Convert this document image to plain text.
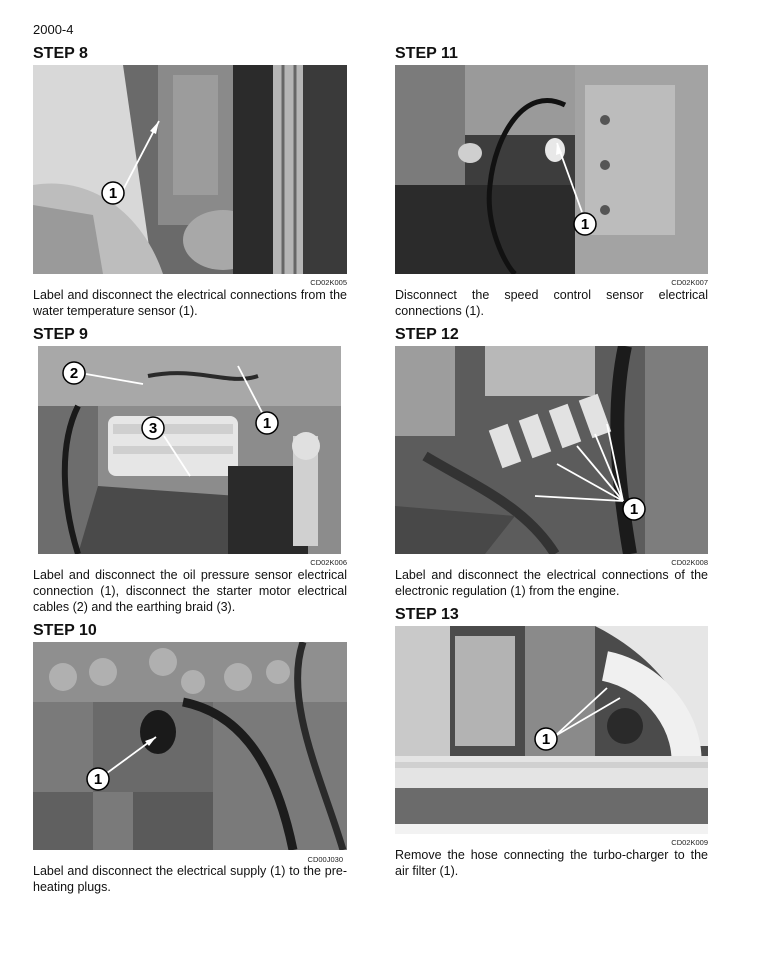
2000-4
STEP 8
1
CD02K005
Label and disconnect the electrical connections from the water temperature sensor (1).
STEP 9
2
1
3
CD02K006
Label and disconnect the oil pressure sensor electrical connection (1), disconnect the starter motor electrical cables (2) and the earthing braid (3).
STEP 10
1
CD00J030
Label and disconnect the electrical supply (1) to the pre-heating plugs.
STEP 11
1
CD02K007
Disconnect the speed control sensor electrical connections (1).
STEP 12
1
CD02K008
Label and disconnect the electrical connections of the electronic regulation (1) from the engine.
STEP 13
1
CD02K009
Remove the hose connecting the turbo-charger to the air filter (1).
